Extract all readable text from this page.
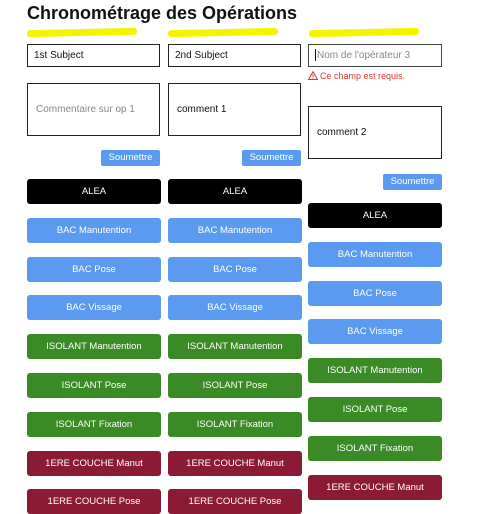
Chronométrage des Opérations
1st Subject
Commentaire sur op 1
Soumettre
2nd Subject
comment 1
Soumettre
Nom de l'opérateur 3
Ce champ est requis.
comment 2
Soumettre
ALEA
BAC Manutention
BAC Pose
BAC Vissage
ISOLANT Manutention
ISOLANT Pose
ISOLANT Fixation
1ERE COUCHE Manut
1ERE COUCHE Pose
ALEA
BAC Manutention
BAC Pose
BAC Vissage
ISOLANT Manutention
ISOLANT Pose
ISOLANT Fixation
1ERE COUCHE Manut
1ERE COUCHE Pose
ALEA
BAC Manutention
BAC Pose
BAC Vissage
ISOLANT Manutention
ISOLANT Pose
ISOLANT Fixation
1ERE COUCHE Manut
